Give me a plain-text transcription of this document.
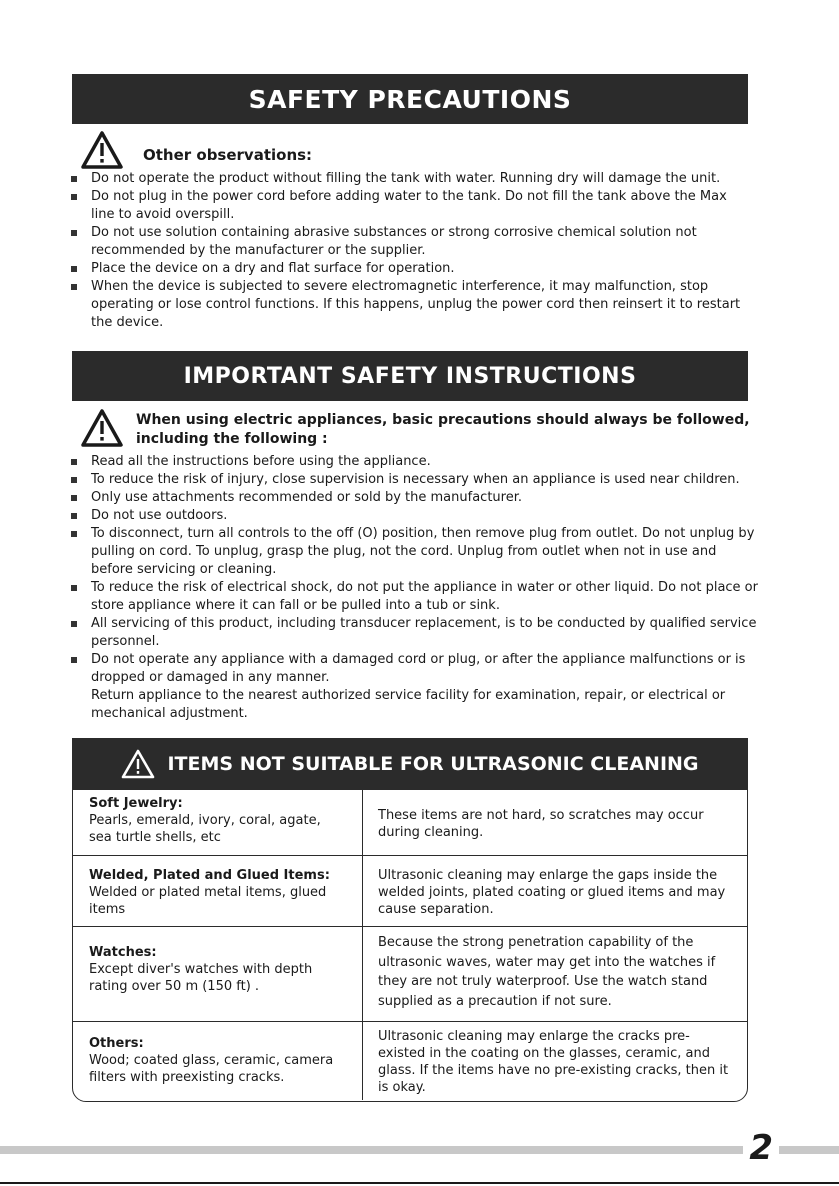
SAFETY PRECAUTIONS
Other observations:
Do not operate the product without filling the tank with water. Running dry will damage the unit.
Do not plug in the power cord before adding water to the tank. Do not fill the tank above the Max line to avoid overspill.
Do not use solution containing abrasive substances or strong corrosive chemical solution not recommended by the manufacturer or the supplier.
Place the device on a dry and flat surface for operation.
When the device is subjected to severe electromagnetic interference, it may malfunction, stop operating or lose control functions. If this happens, unplug the power cord then reinsert it to restart the device.
IMPORTANT SAFETY INSTRUCTIONS
When using electric appliances, basic precautions should always be followed,
including the following :
Read all the instructions before using the appliance.
To reduce the risk of injury, close supervision is necessary when an appliance is used near children.
Only use attachments recommended or sold by the manufacturer.
Do not use outdoors.
To disconnect, turn all controls to the off (O) position, then remove plug from outlet. Do not unplug by pulling on cord. To unplug, grasp the plug, not the cord. Unplug from outlet when not in use and before servicing or cleaning.
To reduce the risk of electrical shock, do not put the appliance in water or other liquid. Do not place or store appliance where it can fall or be pulled into a tub or sink.
All servicing of this product, including transducer replacement, is to be conducted by qualified service personnel.
Do not operate any appliance with a damaged cord or plug, or after the appliance malfunctions or is dropped or damaged in any manner.
Return appliance to the nearest authorized service facility for examination, repair, or electrical or mechanical adjustment.
ITEMS NOT SUITABLE FOR ULTRASONIC CLEANING
Soft Jewelry:
Pearls, emerald, ivory, coral, agate, sea turtle shells, etc
These items are not hard, so scratches may occur during cleaning.
Welded, Plated and Glued Items:
Welded or plated metal items, glued items
Ultrasonic cleaning may enlarge the gaps inside the welded joints, plated coating or glued items and may cause separation.
Watches:
Except diver's watches with depth rating over 50 m (150 ft) .
Because the strong penetration capability of the ultrasonic waves, water may get into the watches if they are not truly waterproof. Use the watch stand supplied as a precaution if not sure.
Others:
Wood; coated glass, ceramic, camera filters with preexisting cracks.
Ultrasonic cleaning may enlarge the cracks pre-existed in the coating on the glasses, ceramic, and glass. If the items have no pre-existing cracks, then it is okay.
2
